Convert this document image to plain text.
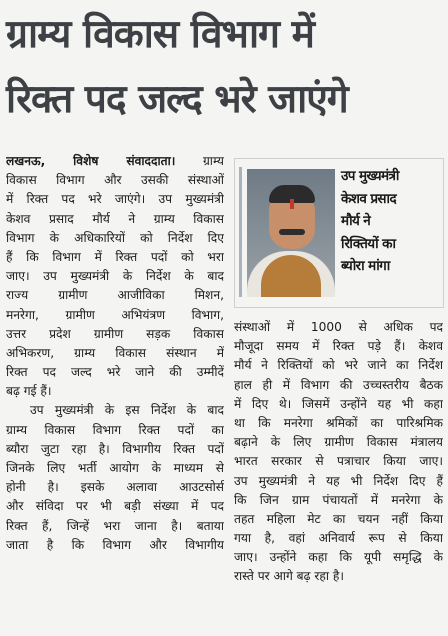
ग्राम्य विकास विभाग में
रिक्त पद जल्द भरे जाएंगे
लखनऊ, विशेष संवाददाता। ग्राम्य
विकास विभाग और उसकी संस्थाओं
में रिक्त पद भरे जाएंगे। उप मुख्यमंत्री
केशव प्रसाद मौर्य ने ग्राम्य विकास
विभाग के अधिकारियों को निर्देश दिए
हैं कि विभाग में रिक्त पदों को भरा
जाए। उप मुख्यमंत्री के निर्देश के बाद
राज्य ग्रामीण आजीविका मिशन,
मनरेगा, ग्रामीण अभियंत्रण विभाग,
उत्तर प्रदेश ग्रामीण सड़क विकास
अभिकरण, ग्राम्य विकास संस्थान में
रिक्त पद जल्द भरे जाने की उम्मीदें
बढ़ गई हैं।
उप मुख्यमंत्री के इस निर्देश के बाद
ग्राम्य विकास विभाग रिक्त पदों का
ब्यौरा जुटा रहा है। विभागीय रिक्त पदों
जिनके लिए भर्ती आयोग के माध्यम से
होनी है। इसके अलावा आउटसोर्स
और संविदा पर भी बड़ी संख्या में पद
रिक्त हैं, जिन्हें भरा जाना है। बताया
जाता है कि विभाग और विभागीय
उप मुख्यमंत्री
केशव प्रसाद
मौर्य ने
रिक्तियों का
ब्योरा मांगा
संस्थाओं में 1000 से अधिक पद
मौजूदा समय में रिक्त पड़े हैं। केशव
मौर्य ने रिक्तियों को भरे जाने का निर्देश
हाल ही में विभाग की उच्चस्तरीय बैठक
में दिए थे। जिसमें उन्होंने यह भी कहा
था कि मनरेगा श्रमिकों का पारिश्रमिक
बढ़ाने के लिए ग्रामीण विकास मंत्रालय
भारत सरकार से पत्राचार किया जाए।
उप मुख्यमंत्री ने यह भी निर्देश दिए हैं
कि जिन ग्राम पंचायतों में मनरेगा के
तहत महिला मेट का चयन नहीं किया
गया है, वहां अनिवार्य रूप से किया
जाए। उन्होंने कहा कि यूपी समृद्धि के
रास्ते पर आगे बढ़ रहा है।
